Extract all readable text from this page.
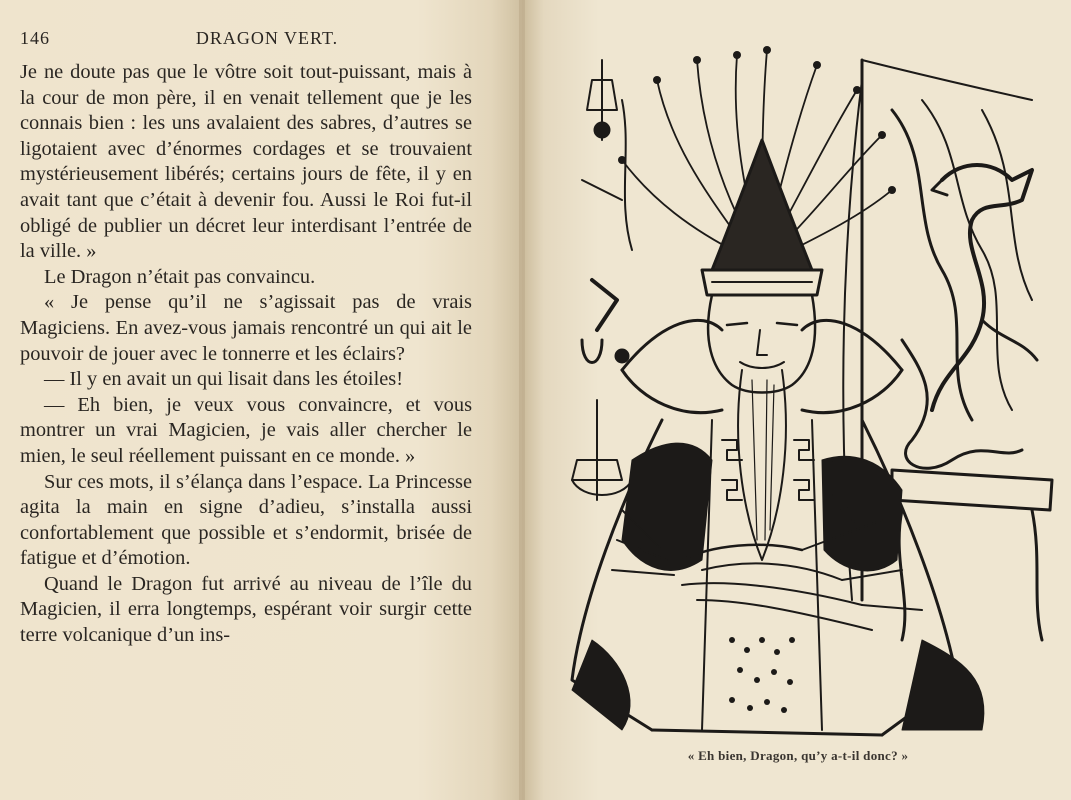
146	DRAGON VERT.

Je ne doute pas que le vôtre soit tout-puissant, mais à la cour de mon père, il en venait tellement que je les connais bien : les uns avalaient des sabres, d’autres se ligotaient avec d’énormes cordages et se trouvaient mystérieusement libérés; certains jours de fête, il y en avait tant que c’était à devenir fou. Aussi le Roi fut-il obligé de publier un décret leur interdisant l’entrée de la ville. »

Le Dragon n’était pas convaincu.

« Je pense qu’il ne s’agissait pas de vrais Magiciens. En avez-vous jamais rencontré un qui ait le pouvoir de jouer avec le tonnerre et les éclairs?

— Il y en avait un qui lisait dans les étoiles!

— Eh bien, je veux vous convaincre, et vous montrer un vrai Magicien, je vais aller chercher le mien, le seul réellement puissant en ce monde. »

Sur ces mots, il s’élança dans l’espace. La Princesse agita la main en signe d’adieu, s’installa aussi confortablement que possible et s’endormit, brisée de fatigue et d’émotion.

Quand le Dragon fut arrivé au niveau de l’île du Magicien, il erra longtemps, espérant voir surgir cette terre volcanique d’un ins-

« Eh bien, Dragon, qu’y a-t-il donc? »
